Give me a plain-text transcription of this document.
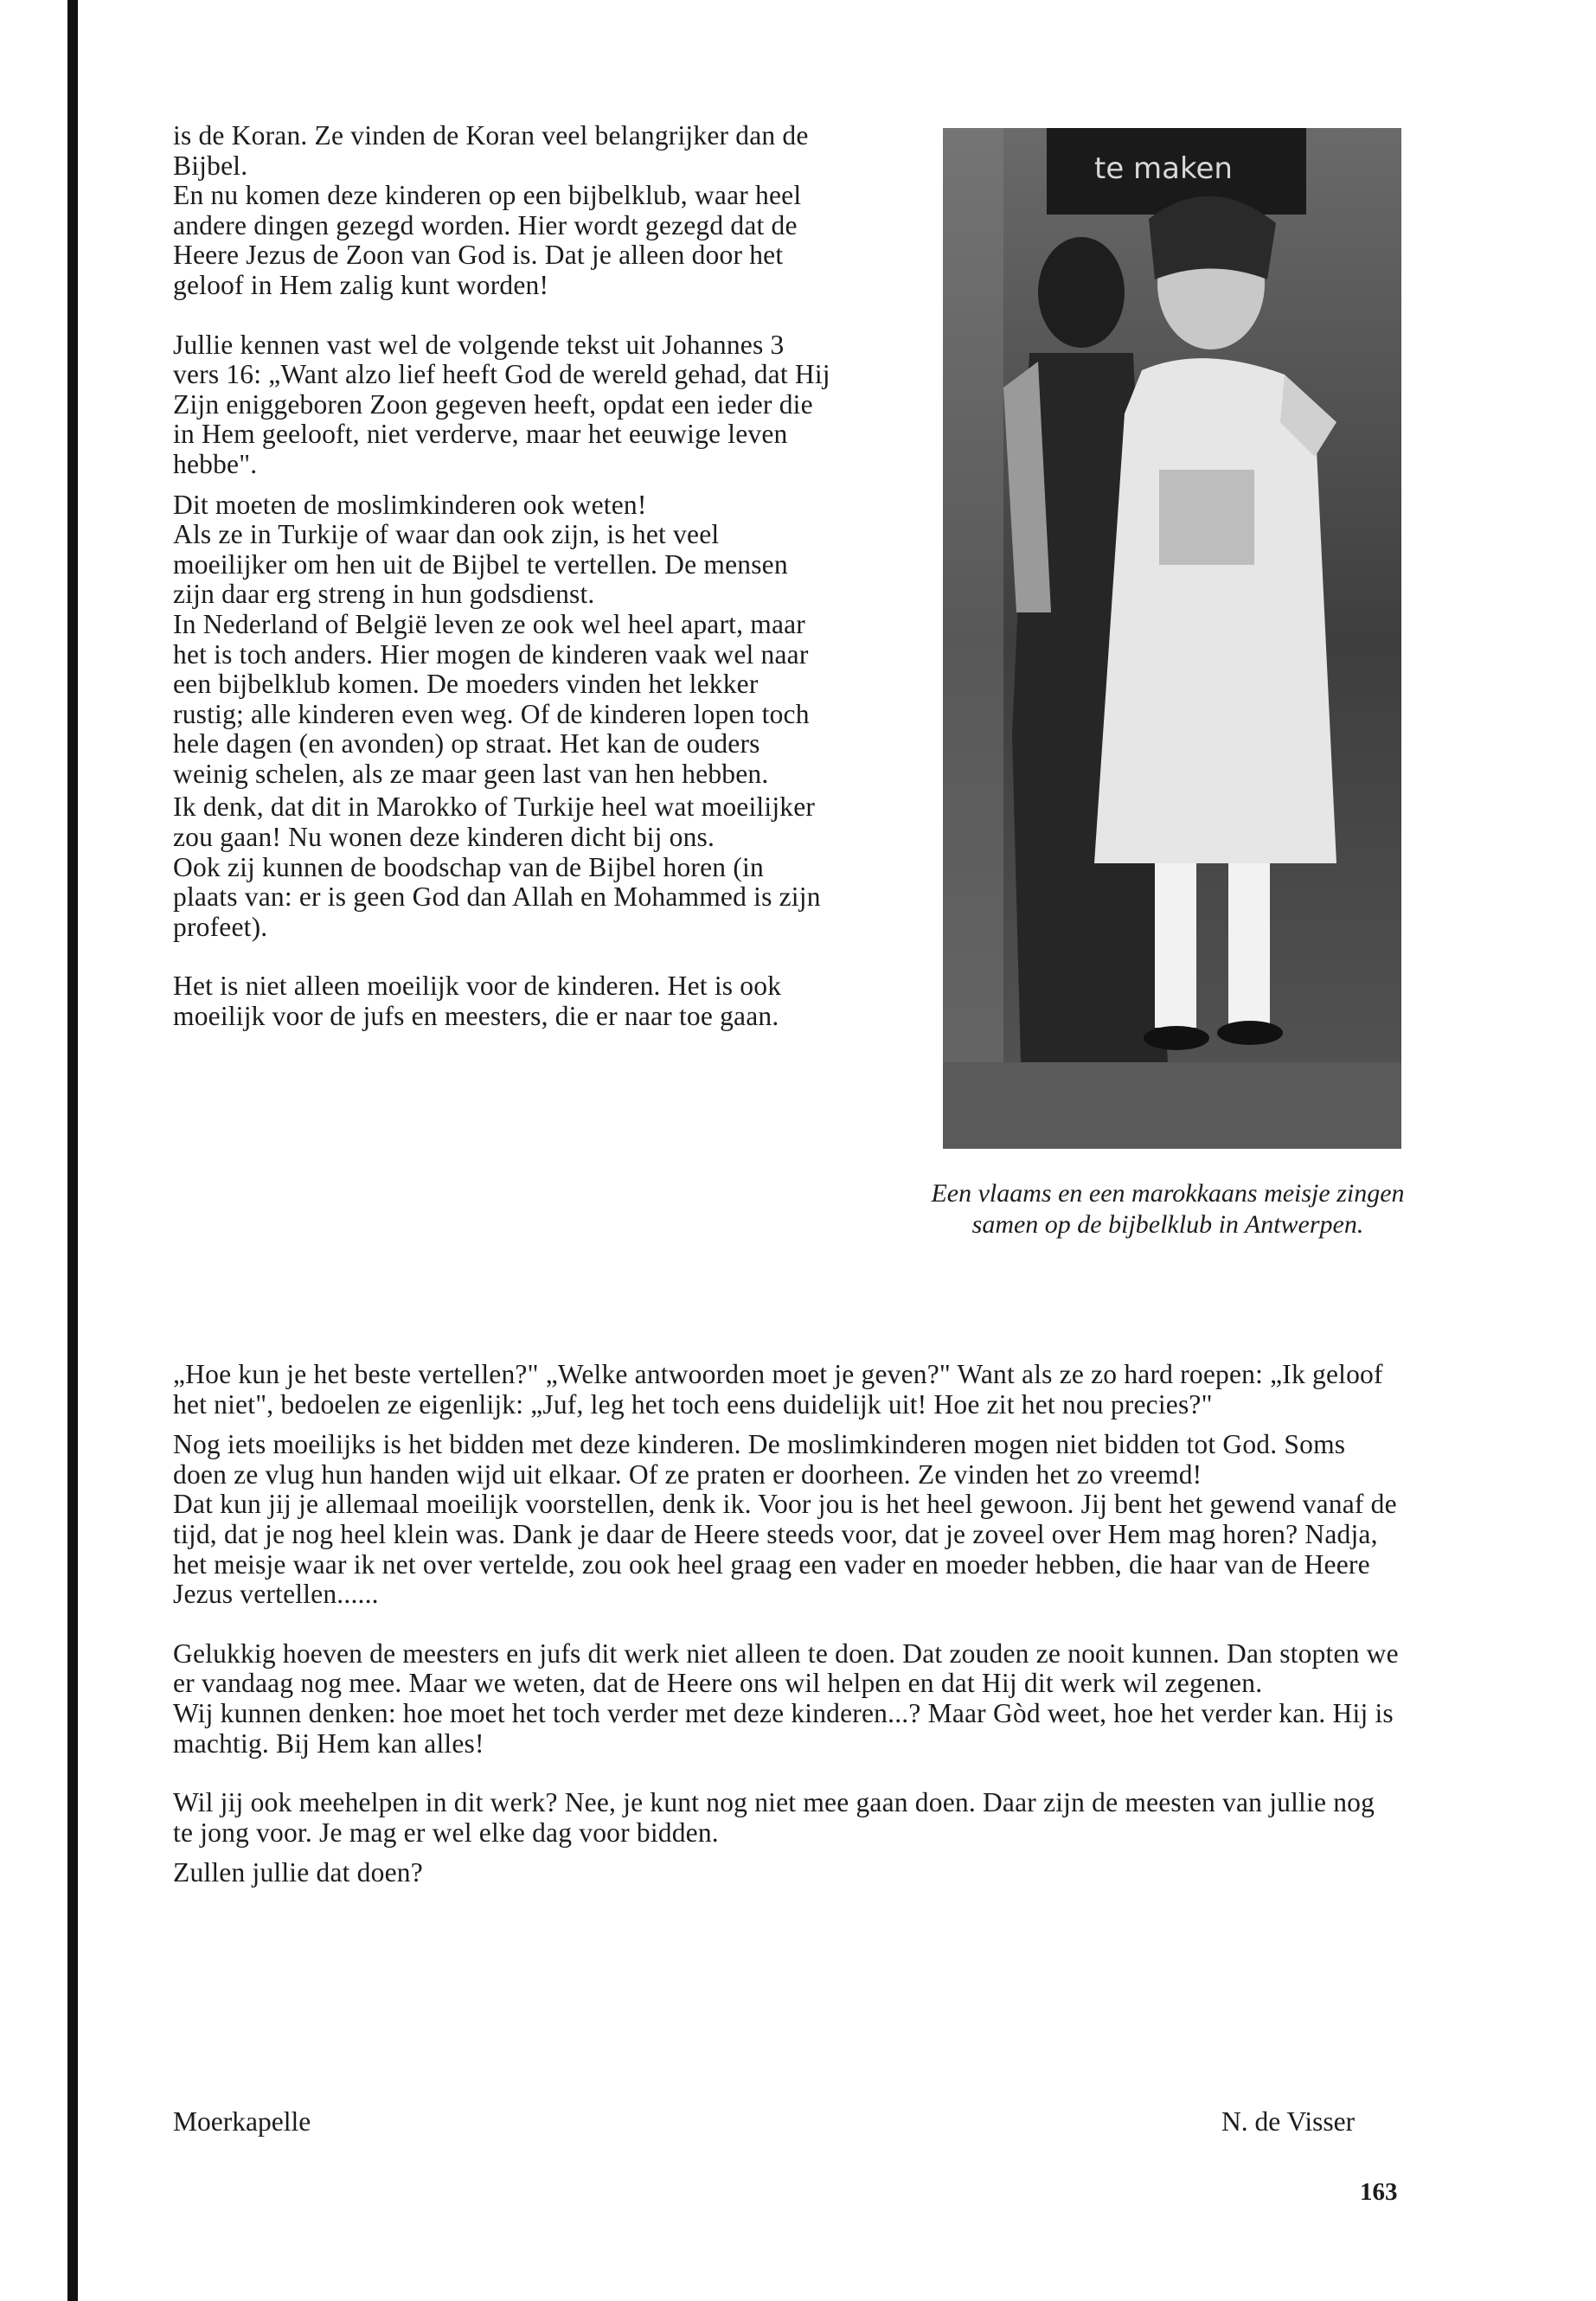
is de Koran. Ze vinden de Koran veel belangrijker dan de Bijbel.

En nu komen deze kinderen op een bijbelklub, waar heel andere dingen gezegd worden. Hier wordt gezegd dat de Heere Jezus de Zoon van God is. Dat je alleen door het geloof in Hem zalig kunt worden!

Jullie kennen vast wel de volgende tekst uit Johannes 3 vers 16: „Want alzo lief heeft God de wereld gehad, dat Hij Zijn eniggeboren Zoon gegeven heeft, opdat een ieder die in Hem geelooft, niet verderve, maar het eeuwige leven hebbe".

Dit moeten de moslimkinderen ook weten!

Als ze in Turkije of waar dan ook zijn, is het veel moeilijker om hen uit de Bijbel te vertellen. De mensen zijn daar erg streng in hun godsdienst.

In Nederland of België leven ze ook wel heel apart, maar het is toch anders. Hier mogen de kinderen vaak wel naar een bijbelklub komen. De moeders vinden het lekker rustig; alle kinderen even weg. Of de kinderen lopen toch hele dagen (en avonden) op straat. Het kan de ouders weinig schelen, als ze maar geen last van hen hebben.

Ik denk, dat dit in Marokko of Turkije heel wat moeilijker zou gaan! Nu wonen deze kinderen dicht bij ons.

Ook zij kunnen de boodschap van de Bijbel horen (in plaats van: er is geen God dan Allah en Mohammed is zijn profeet).

Het is niet alleen moeilijk voor de kinderen. Het is ook moeilijk voor de jufs en meesters, die er naar toe gaan.

te maken
Een vlaams en een marokkaans meisje zingen samen op de bijbelklub in Antwerpen.

„Hoe kun je het beste vertellen?" „Welke antwoorden moet je geven?" Want als ze zo hard roepen: „Ik geloof het niet", bedoelen ze eigenlijk: „Juf, leg het toch eens duidelijk uit! Hoe zit het nou precies?"

Nog iets moeilijks is het bidden met deze kinderen. De moslimkinderen mogen niet bidden tot God. Soms doen ze vlug hun handen wijd uit elkaar. Of ze praten er doorheen. Ze vinden het zo vreemd!

Dat kun jij je allemaal moeilijk voorstellen, denk ik. Voor jou is het heel gewoon. Jij bent het gewend vanaf de tijd, dat je nog heel klein was. Dank je daar de Heere steeds voor, dat je zoveel over Hem mag horen? Nadja, het meisje waar ik net over vertelde, zou ook heel graag een vader en moeder hebben, die haar van de Heere Jezus vertellen......

Gelukkig hoeven de meesters en jufs dit werk niet alleen te doen. Dat zouden ze nooit kunnen. Dan stopten we er vandaag nog mee. Maar we weten, dat de Heere ons wil helpen en dat Hij dit werk wil zegenen.

Wij kunnen denken: hoe moet het toch verder met deze kinderen...? Maar Gòd weet, hoe het verder kan. Hij is machtig. Bij Hem kan alles!

Wil jij ook meehelpen in dit werk? Nee, je kunt nog niet mee gaan doen. Daar zijn de meesten van jullie nog te jong voor. Je mag er wel elke dag voor bidden.

Zullen jullie dat doen?

Moerkapelle	N. de Visser
163
